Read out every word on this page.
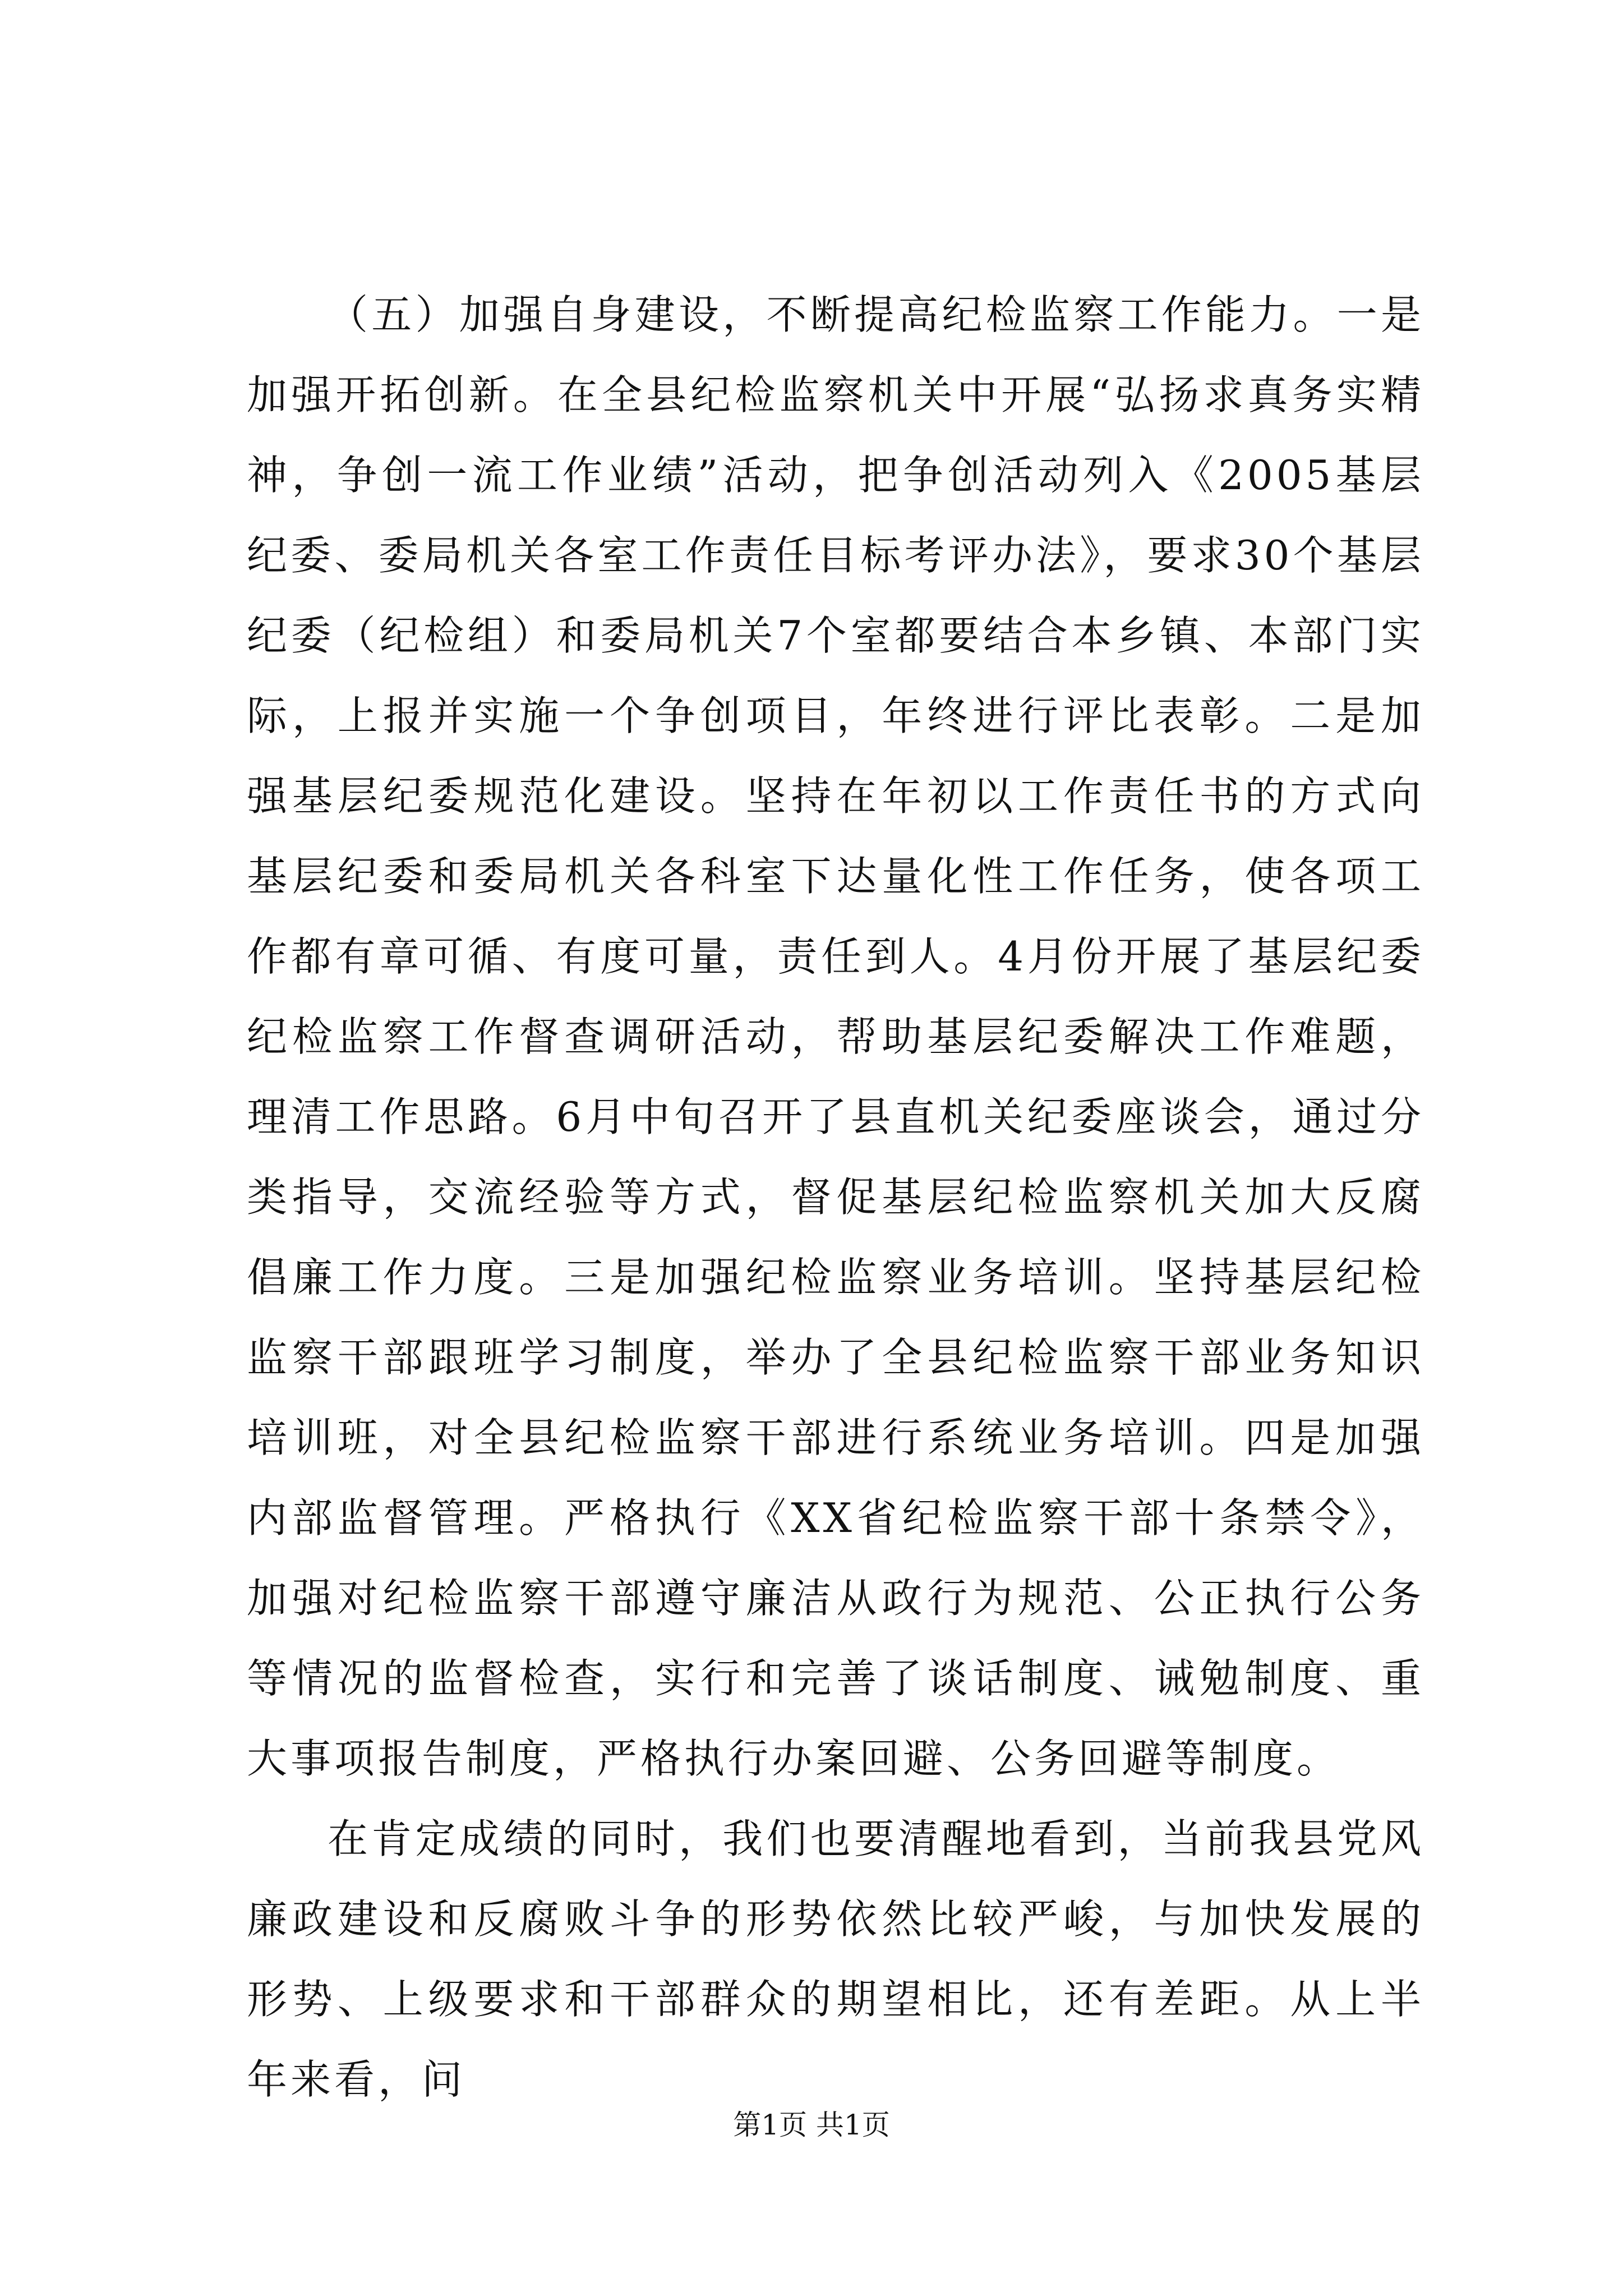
（五）加强自身建设，不断提高纪检监察工作能力。一是加强开拓创新。在全县纪检监察机关中开展“弘扬求真务实精神，争创一流工作业绩”活动，把争创活动列入《2005基层纪委、委局机关各室工作责任目标考评办法》，要求30个基层纪委（纪检组）和委局机关7个室都要结合本乡镇、本部门实际，上报并实施一个争创项目，年终进行评比表彰。二是加强基层纪委规范化建设。坚持在年初以工作责任书的方式向基层纪委和委局机关各科室下达量化性工作任务，使各项工作都有章可循、有度可量，责任到人。4月份开展了基层纪委纪检监察工作督查调研活动，帮助基层纪委解决工作难题，理清工作思路。6月中旬召开了县直机关纪委座谈会，通过分类指导，交流经验等方式，督促基层纪检监察机关加大反腐倡廉工作力度。三是加强纪检监察业务培训。坚持基层纪检监察干部跟班学习制度，举办了全县纪检监察干部业务知识培训班，对全县纪检监察干部进行系统业务培训。四是加强内部监督管理。严格执行《XX省纪检监察干部十条禁令》，加强对纪检监察干部遵守廉洁从政行为规范、公正执行公务等情况的监督检查，实行和完善了谈话制度、诫勉制度、重大事项报告制度，严格执行办案回避、公务回避等制度。

在肯定成绩的同时，我们也要清醒地看到，当前我县党风廉政建设和反腐败斗争的形势依然比较严峻，与加快发展的形势、上级要求和干部群众的期望相比，还有差距。从上半年来看，问

第1页 共1页
